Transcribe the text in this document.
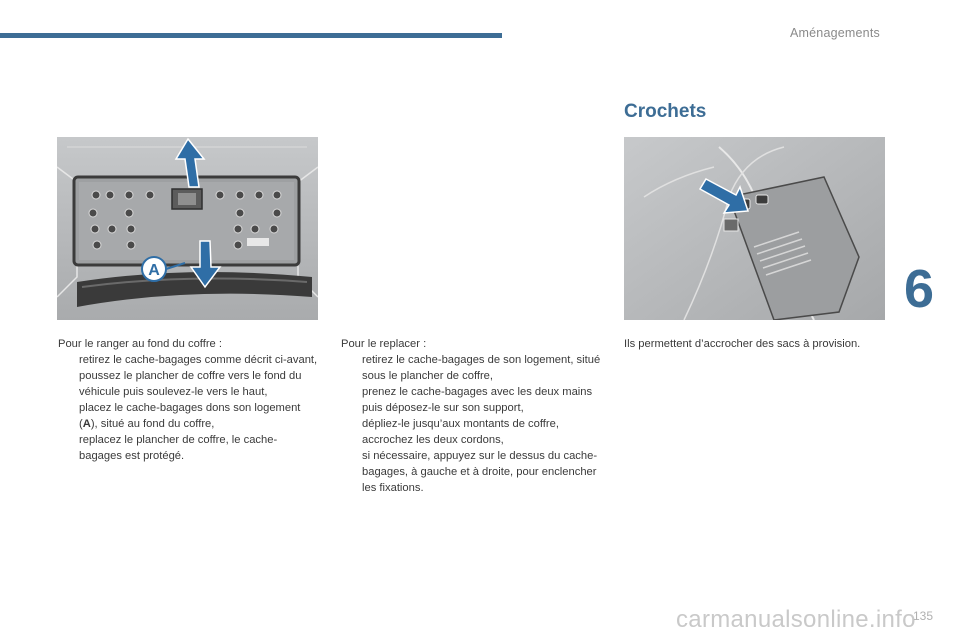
Aménagements
6
Crochets
A

Pour le ranger au fond du coffre :

retirez le cache-bagages comme décrit ci-avant,
poussez le plancher de coffre vers le fond du véhicule puis soulevez-le vers le haut,
placez le cache-bagages dons son logement (A), situé au fond du coffre,
replacez le plancher de coffre, le cache-bagages est protégé.

Pour le replacer :

retirez le cache-bagages de son logement, situé sous le plancher de coffre,
prenez le cache-bagages avec les deux mains puis déposez-le sur son support,
dépliez-le jusqu’aux montants de coffre,
accrochez les deux cordons,
si nécessaire, appuyez sur le dessus du cache-bagages, à gauche et à droite, pour enclencher les fixations.

Ils permettent d’accrocher des sacs à provision.

carmanualsonline.info
135
